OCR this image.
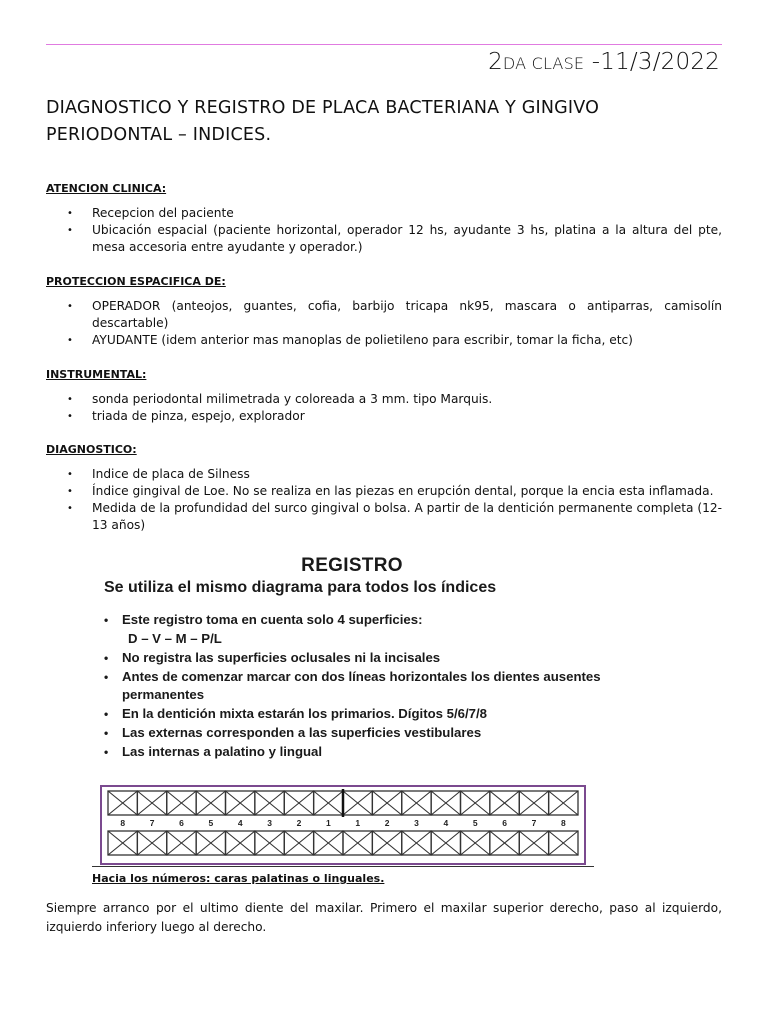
2DA CLASE -11/3/2022
DIAGNOSTICO Y REGISTRO DE PLACA BACTERIANA Y GINGIVO PERIODONTAL – INDICES.

ATENCION CLINICA:

• Recepcion del paciente
• Ubicación espacial (paciente horizontal, operador 12 hs, ayudante 3 hs, platina a la altura del pte, mesa accesoria entre ayudante y operador.)

PROTECCION ESPACIFICA DE:

• OPERADOR (anteojos, guantes, cofia, barbijo tricapa nk95, mascara o antiparras, camisolín descartable)
• AYUDANTE (idem anterior mas manoplas de polietileno para escribir, tomar la ficha, etc)

INSTRUMENTAL:

• sonda periodontal milimetrada y coloreada a 3 mm. tipo Marquis.
• triada de pinza, espejo, explorador

DIAGNOSTICO:

• Indice de placa de Silness
• Índice gingival de Loe. No se realiza en las piezas en erupción dental, porque la encia esta inflamada.
• Medida de la profundidad del surco gingival o bolsa. A partir de la dentición permanente completa (12-13 años)

REGISTRO

Se utiliza el mismo diagrama para todos los índices

• Este registro toma en cuenta solo 4 superficies:

D – V – M – P/L

• No registra las superficies oclusales ni la incisales
• Antes de comenzar marcar con dos líneas horizontales los dientes ausentes permanentes
• En la dentición mixta estarán los primarios. Dígitos 5/6/7/8
• Las externas corresponden a las superficies vestibulares
• Las internas a palatino y lingual
8	7	6	5	4	3	2	1	1	2	3	4	5	6	7	8
Hacia los números: caras palatinas o linguales.
Siempre arranco por el ultimo diente del maxilar. Primero el maxilar superior derecho, paso al izquierdo, izquierdo inferiory luego al derecho.
